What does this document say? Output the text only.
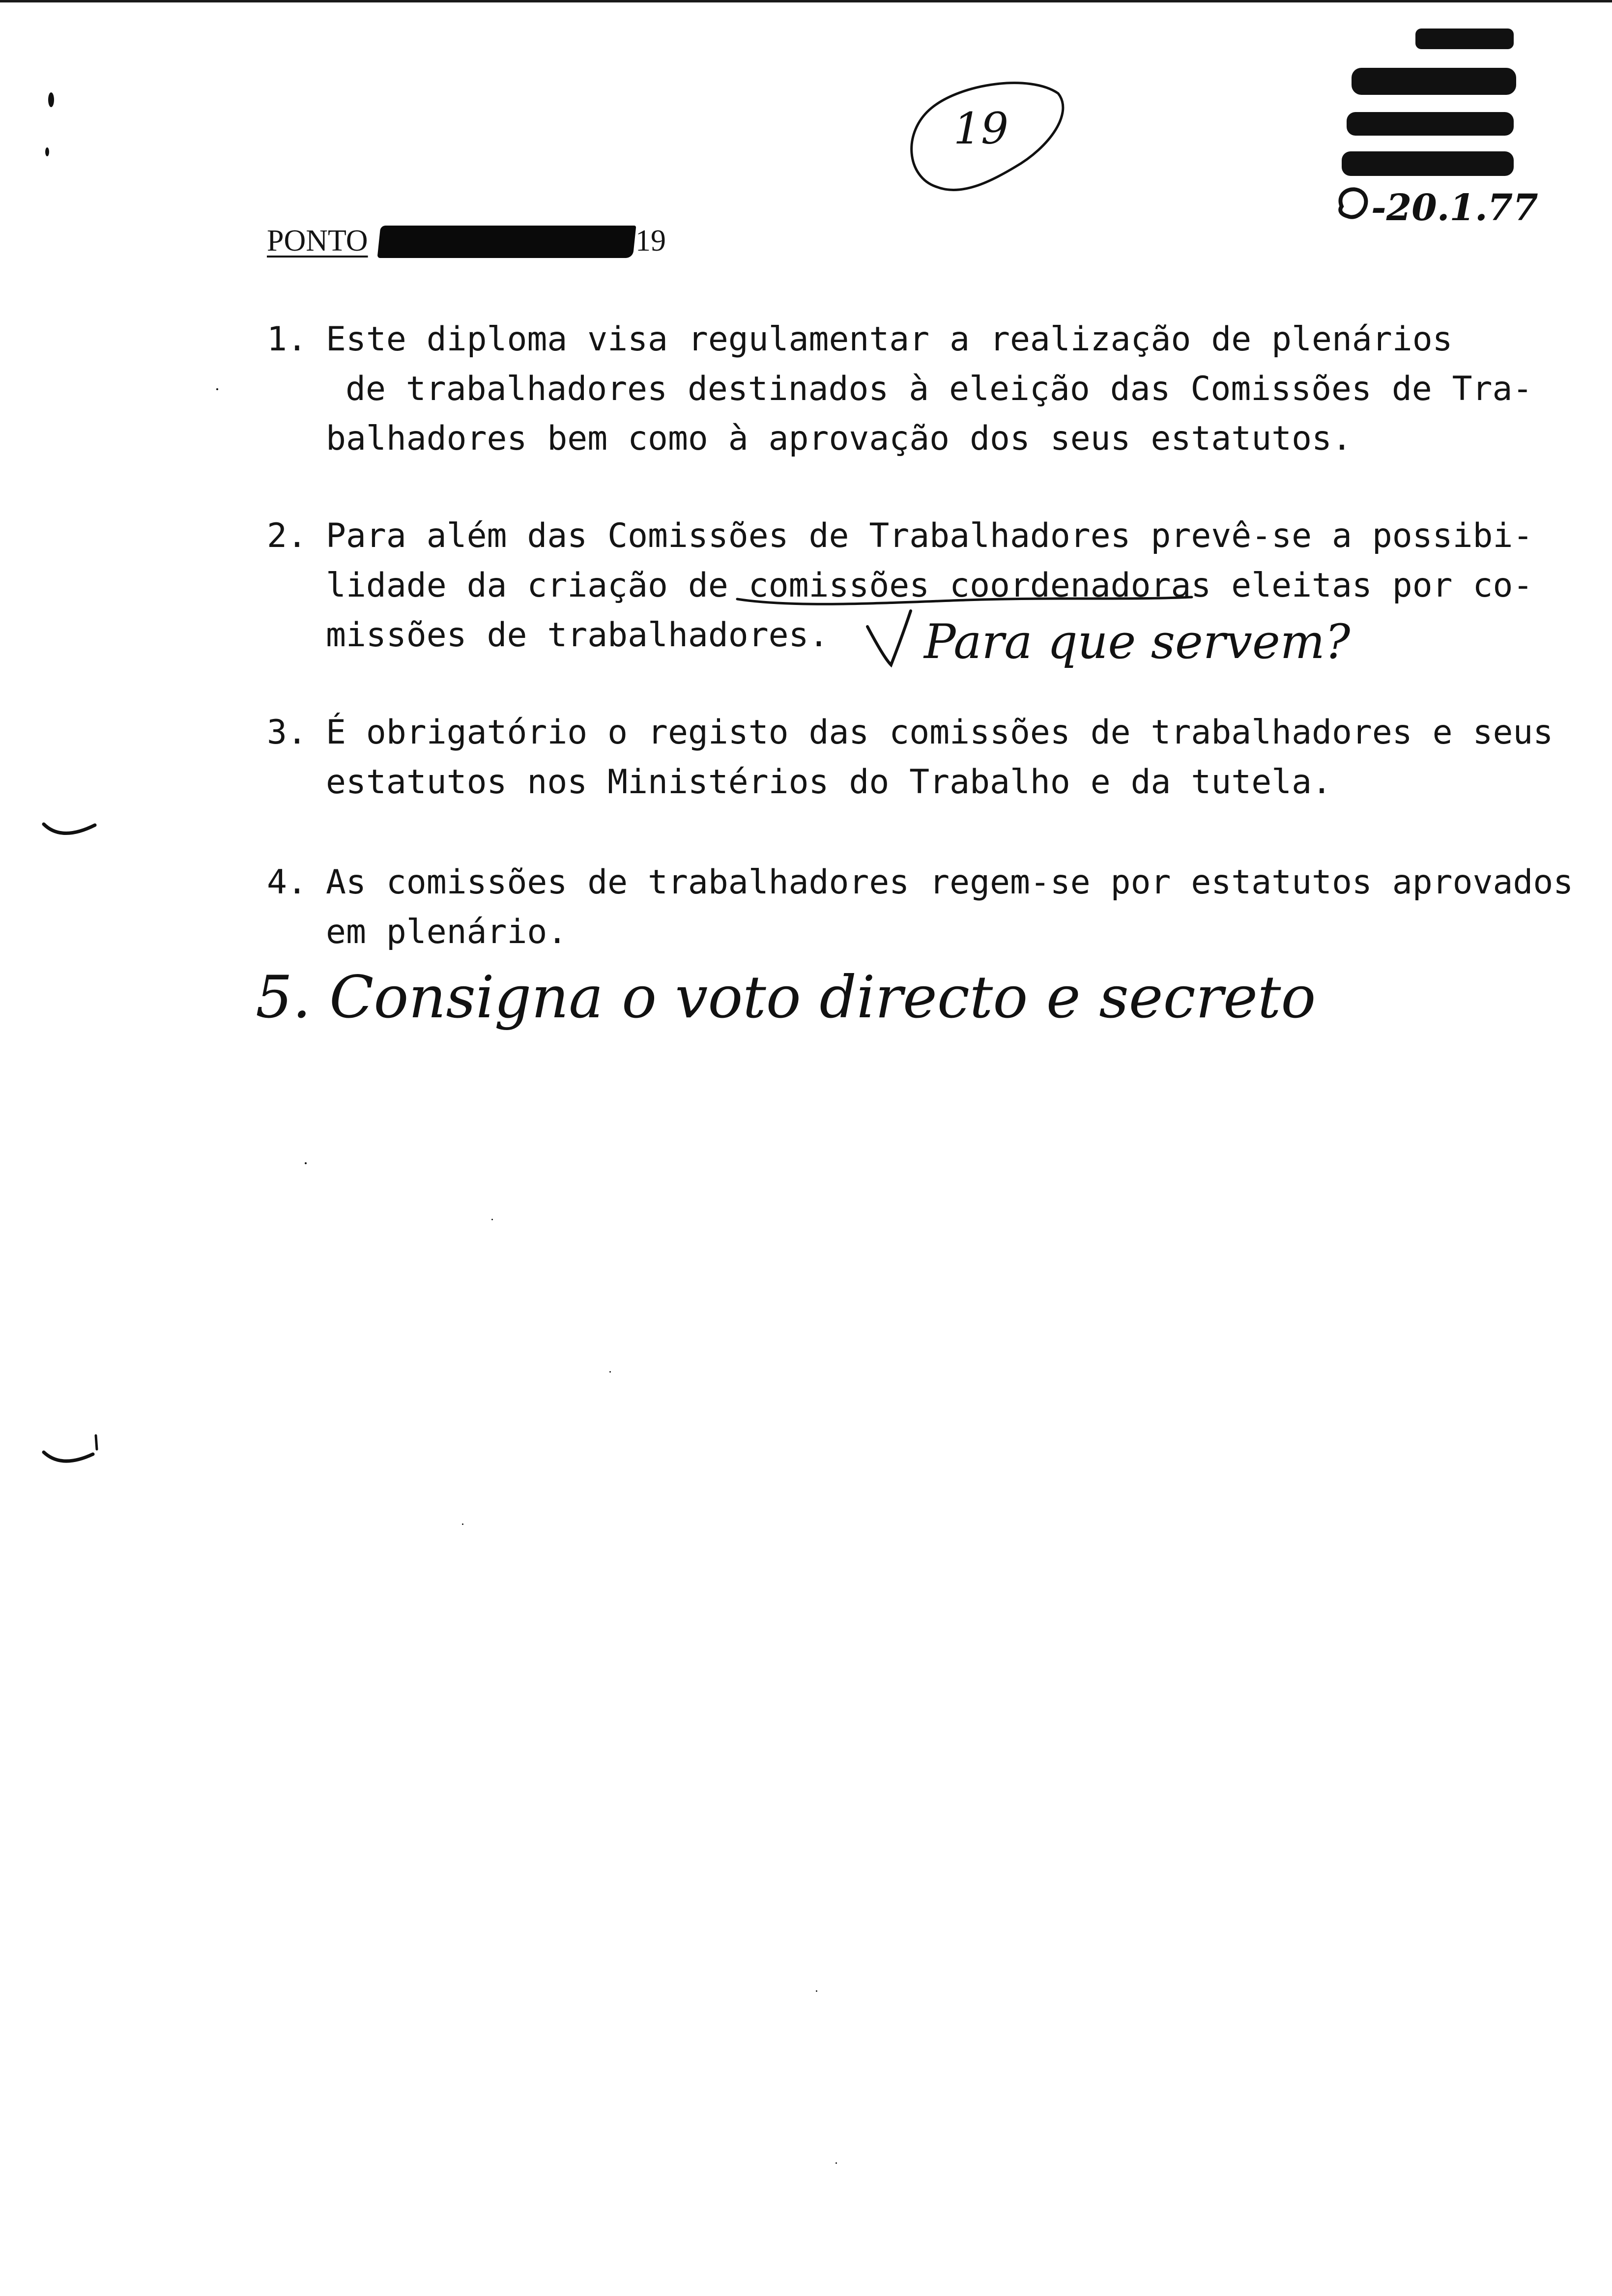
PONTO	19
19
-20.1.77
1. Este diploma visa regulamentar a realização de plenários
de trabalhadores destinados à eleição das Comissões de Tra-
balhadores bem como à aprovação dos seus estatutos.
2. Para além das Comissões de Trabalhadores prevê-se a possibi-
lidade da criação de comissões coordenadoras eleitas por co-
missões de trabalhadores. Para que servem?
3. É obrigatório o registo das comissões de trabalhadores e seus
estatutos nos Ministérios do Trabalho e da tutela.
4. As comissões de trabalhadores regem-se por estatutos aprovados
em plenário.
5. Consigna o voto directo e secreto
